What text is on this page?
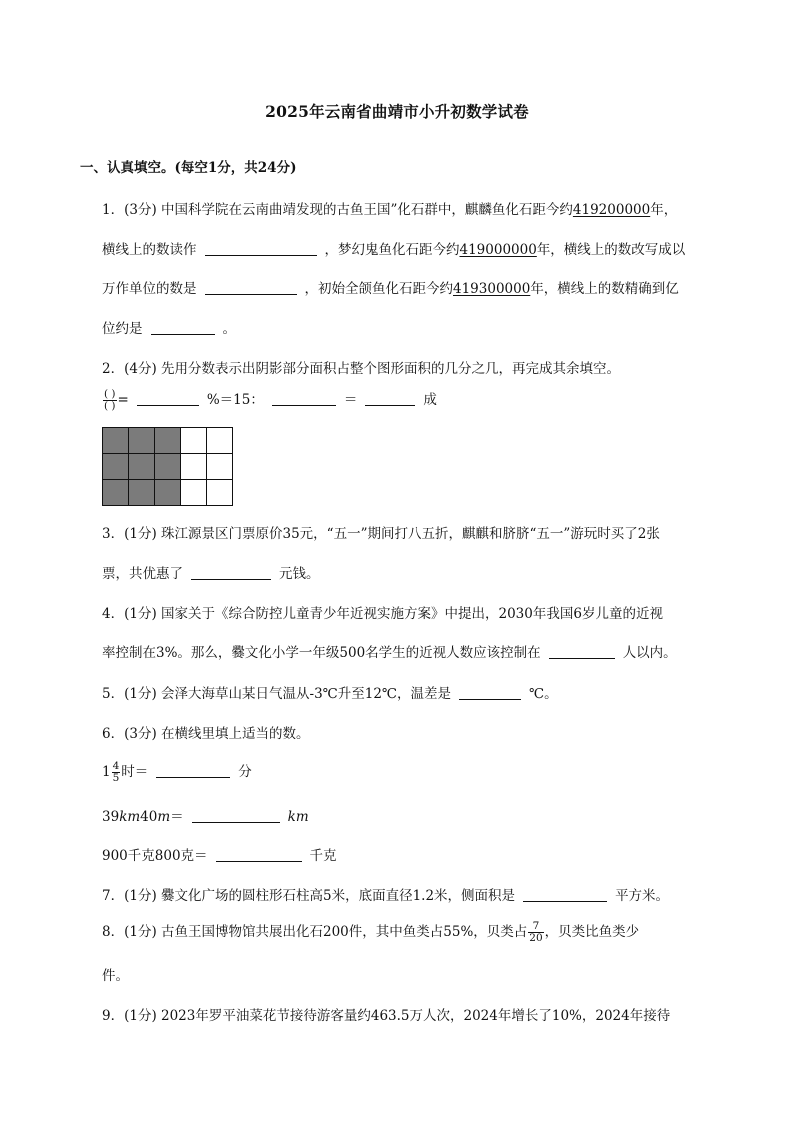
2025年云南省曲靖市小升初数学试卷
一、认真填空。(每空1分，共24分)
1．(3分) 中国科学院在云南曲靖发现的古鱼王国”化石群中，麒麟鱼化石距今约419200000年，
横线上的数读作	，梦幻鬼鱼化石距今约419000000年，横线上的数改写成以
万作单位的数是	，初始全颌鱼化石距今约419300000年，横线上的数精确到亿
位约是	。
2．(4分) 先用分数表示出阴影部分面积占整个图形面积的几分之几，再完成其余填空。
$\frac{( )}{( )}$ =	%＝15：	＝	成
3．(1分) 珠江源景区门票原价35元，“五一”期间打八五折，麒麒和脐脐“五一”游玩时买了2张
票，共优惠了	元钱。
4．(1分) 国家关于《综合防控儿童青少年近视实施方案》中提出，2030年我国6岁儿童的近视
率控制在3%。那么，爨文化小学一年级500名学生的近视人数应该控制在	人以内。
5．(1分) 会泽大海草山某日气温从-3℃升至12℃，温差是	℃。
6．(3分) 在横线里填上适当的数。
$1 \frac{4}{5}$ 时＝	分
39km40m＝	km
900千克800克＝	千克
7．(1分) 爨文化广场的圆柱形石柱高5米，底面直径1.2米，侧面积是	平方米。
8．(1分) 古鱼王国博物馆共展出化石200件，其中鱼类占55%，贝类占 $\frac{7}{20}$ ，贝类比鱼类少
件。
9．(1分) 2023年罗平油菜花节接待游客量约463.5万人次，2024年增长了10%，2024年接待
